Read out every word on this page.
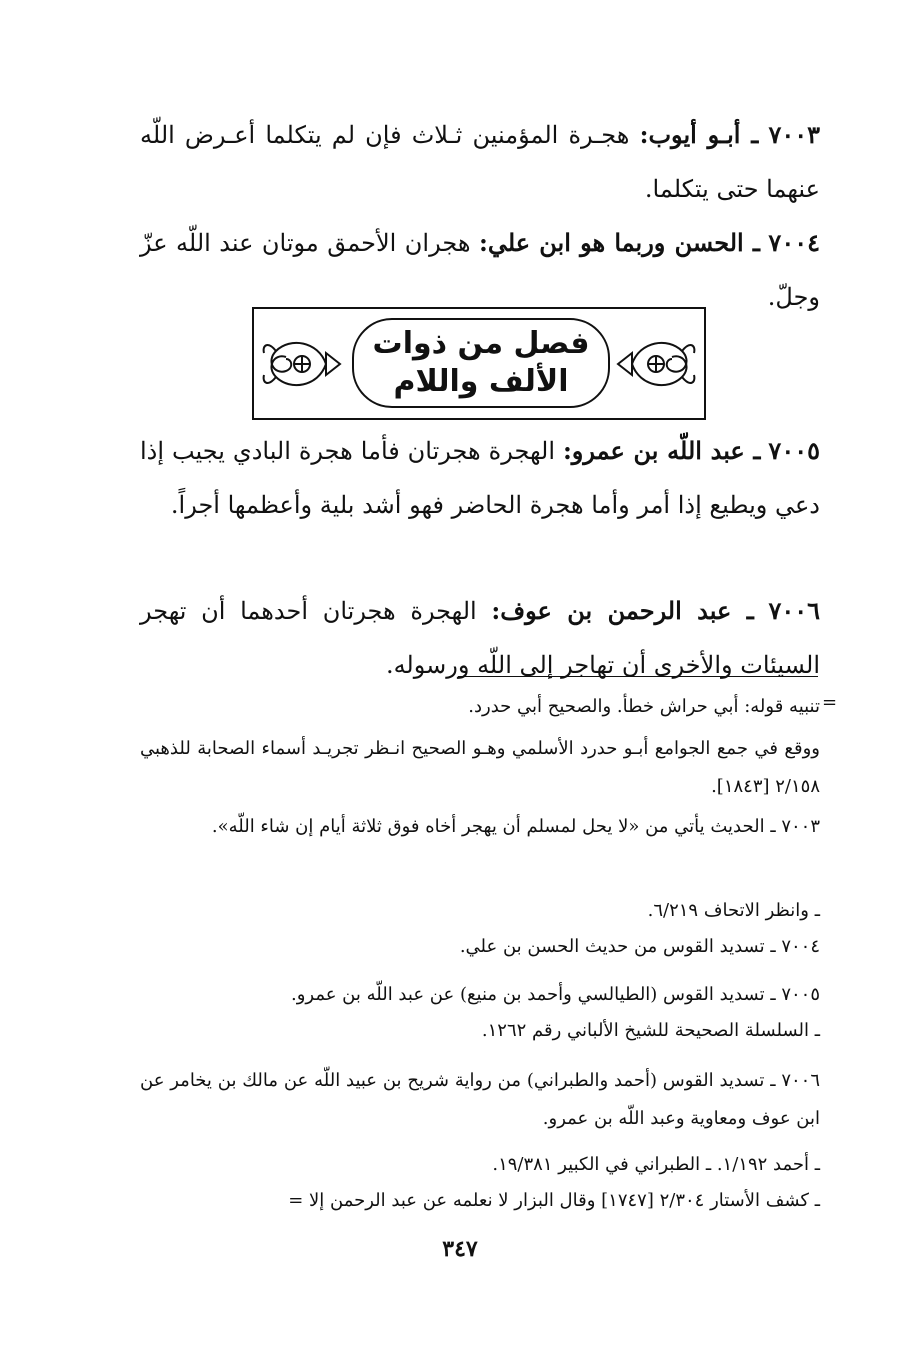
٧٠٠٣ ـ أبـو أيوب: هجـرة المؤمنين ثـلاث فإن لم يتكلما أعـرض اللّه عنهما حتى يتكلما.
٧٠٠٤ ـ الحسن وربما هو ابن علي: هجران الأحمق موتان عند اللّه عزّ وجلّ.
فصل من ذوات
الألف واللام
٧٠٠٥ ـ عبد اللّه بن عمرو: الهجرة هجرتان فأما هجرة البادي يجيب إذا دعي ويطيع إذا أمر وأما هجرة الحاضر فهو أشد بلية وأعظمها أجراً.
٧٠٠٦ ـ عبد الرحمن بن عوف: الهجرة هجرتان أحدهما أن تهجر السيئات والأخرى أن تهاجر إلى اللّه ورسوله.
=
تنبيه قوله: أبي حراش خطأ. والصحيح أبي حدرد.
ووقع في جمع الجوامع أبـو حدرد الأسلمي وهـو الصحيح انـظر تجريـد أسماء الصحابة للذهبي ٢/١٥٨ [١٨٤٣].
٧٠٠٣ ـ الحديث يأتي من «لا يحل لمسلم أن يهجر أخاه فوق ثلاثة أيام إن شاء اللّه».
ـ وانظر الاتحاف ٦/٢١٩.
٧٠٠٤ ـ تسديد القوس من حديث الحسن بن علي.
٧٠٠٥ ـ تسديد القوس (الطيالسي وأحمد بن منيع) عن عبد اللّه بن عمرو.
ـ السلسلة الصحيحة للشيخ الألباني رقم ١٢٦٢.
٧٠٠٦ ـ تسديد القوس (أحمد والطبراني) من رواية شريح بن عبيد اللّه عن مالك بن يخامر عن ابن عوف ومعاوية وعبد اللّه بن عمرو.
ـ أحمد ١/١٩٢. ـ الطبراني في الكبير ١٩/٣٨١.
ـ كشف الأستار ٢/٣٠٤ [١٧٤٧] وقال البزار لا نعلمه عن عبد الرحمن إلا =
٣٤٧
